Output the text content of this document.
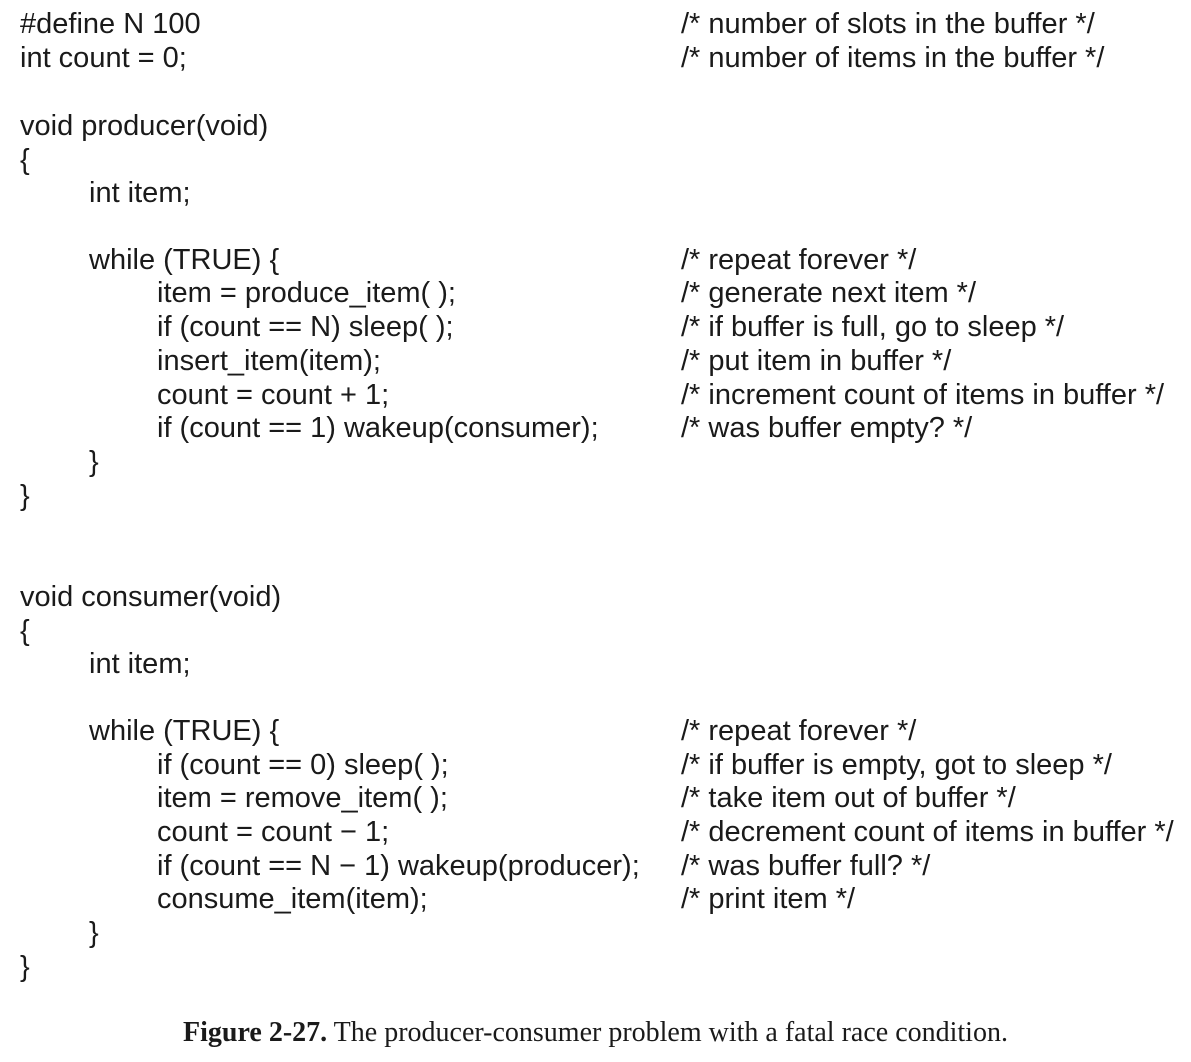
#define N 100	/* number of slots in the buffer */
int count = 0;	/* number of items in the buffer */
void producer(void)
{
int item;
while (TRUE) {	/* repeat forever */
item = produce_item( );	/* generate next item */
if (count == N) sleep( );	/* if buffer is full, go to sleep */
insert_item(item);	/* put item in buffer */
count = count + 1;	/* increment count of items in buffer */
if (count == 1) wakeup(consumer);	/* was buffer empty? */
}
}
void consumer(void)
{
int item;
while (TRUE) {	/* repeat forever */
if (count == 0) sleep( );	/* if buffer is empty, got to sleep */
item = remove_item( );	/* take item out of buffer */
count = count − 1;	/* decrement count of items in buffer */
if (count == N − 1) wakeup(producer); /* was buffer full? */
consume_item(item);	/* print item */
}
}
Figure 2-27. The producer-consumer problem with a fatal race condition.
